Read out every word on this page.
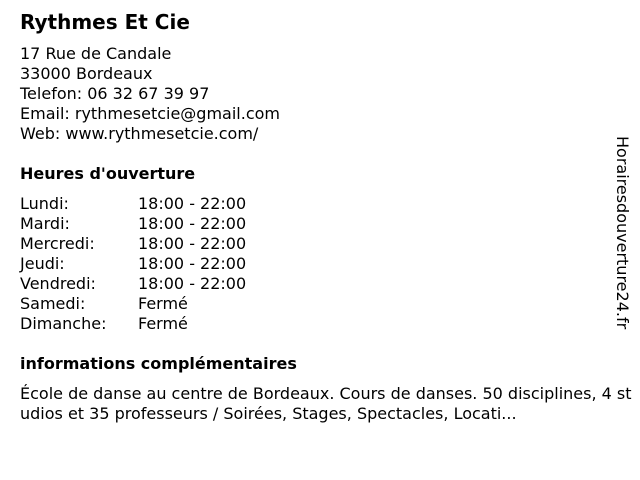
Rythmes Et Cie
17 Rue de Candale
33000 Bordeaux
Telefon: 06 32 67 39 97
Email: rythmesetcie@gmail.com
Web: www.rythmesetcie.com/
Heures d'ouverture
Lundi:	18:00 - 22:00
Mardi:	18:00 - 22:00
Mercredi:	18:00 - 22:00
Jeudi:	18:00 - 22:00
Vendredi:	18:00 - 22:00
Samedi:	Fermé
Dimanche:	Fermé
informations complémentaires
École de danse au centre de Bordeaux. Cours de danses. 50 disciplines, 4 studios et 35 professeurs / Soirées, Stages, Spectacles, Locati...
Horairesdouverture24.fr
